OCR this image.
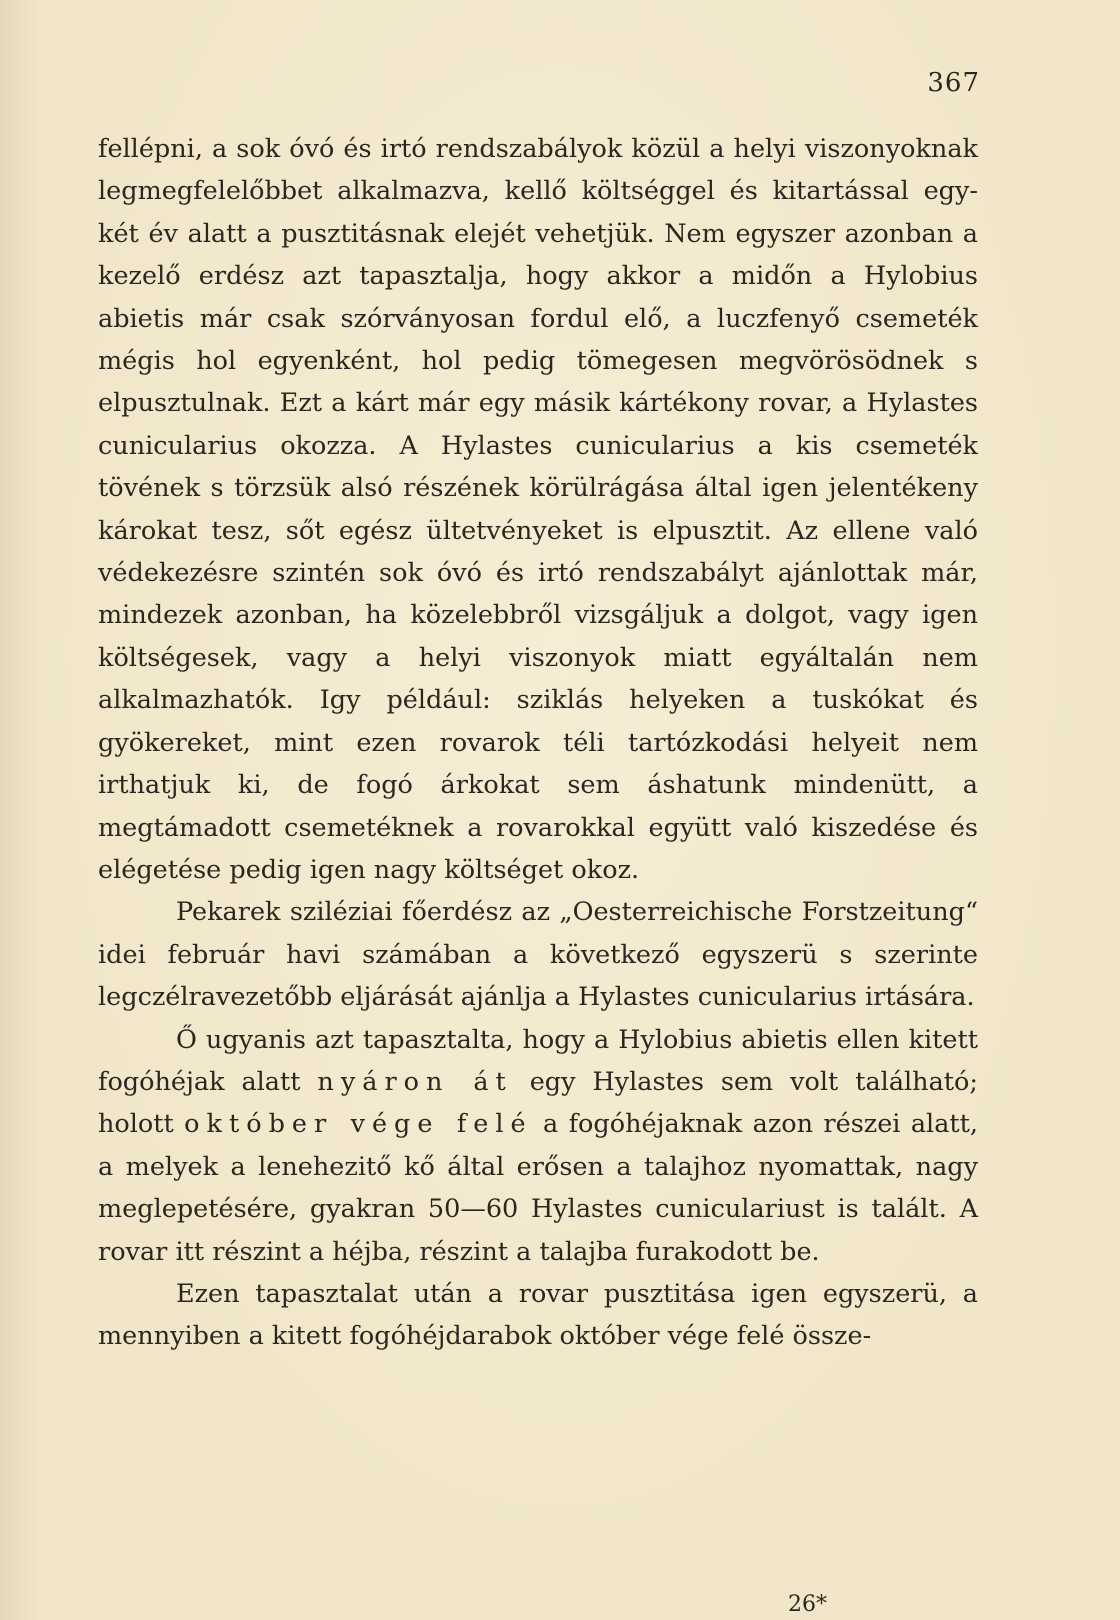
367

fellépni, a sok óvó és irtó rendszabályok közül a helyi viszonyoknak legmegfelelőbbet alkalmazva, kellő költséggel és kitartással egy-két év alatt a pusztitásnak elejét vehetjük. Nem egyszer azonban a kezelő erdész azt tapasztalja, hogy akkor a midőn a Hylobius abietis már csak szórványosan fordul elő, a luczfenyő csemeték mégis hol egyenként, hol pedig tömegesen megvörösödnek s elpusztulnak. Ezt a kárt már egy másik kártékony rovar, a Hylastes cunicularius okozza. A Hylastes cunicularius a kis csemeték tövének s törzsük alsó részének körülrágása által igen jelentékeny károkat tesz, sőt egész ültetvényeket is elpusztit. Az ellene való védekezésre szintén sok óvó és irtó rendszabályt ajánlottak már, mindezek azonban, ha közelebbről vizsgáljuk a dolgot, vagy igen költségesek, vagy a helyi viszonyok miatt egyáltalán nem alkalmazhatók. Igy például: sziklás helyeken a tuskókat és gyökereket, mint ezen rovarok téli tartózkodási helyeit nem irthatjuk ki, de fogó árkokat sem áshatunk mindenütt, a megtámadott csemetéknek a rovarokkal együtt való kiszedése és elégetése pedig igen nagy költséget okoz.

Pekarek sziléziai főerdész az „Oesterreichische Forstzeitung“ idei február havi számában a következő egyszerü s szerinte legczélravezetőbb eljárását ajánlja a Hylastes cunicularius irtására.

Ő ugyanis azt tapasztalta, hogy a Hylobius abietis ellen kitett fogóhéjak alatt nyáron át egy Hylastes sem volt található; holott október vége felé a fogóhéjaknak azon részei alatt, a melyek a lenehezitő kő által erősen a talajhoz nyomattak, nagy meglepetésére, gyakran 50—60 Hylastes cuniculariust is talált. A rovar itt részint a héjba, részint a talajba furakodott be.

Ezen tapasztalat után a rovar pusztitása igen egyszerü, a mennyiben a kitett fogóhéjdarabok október vége felé össze-

26*
